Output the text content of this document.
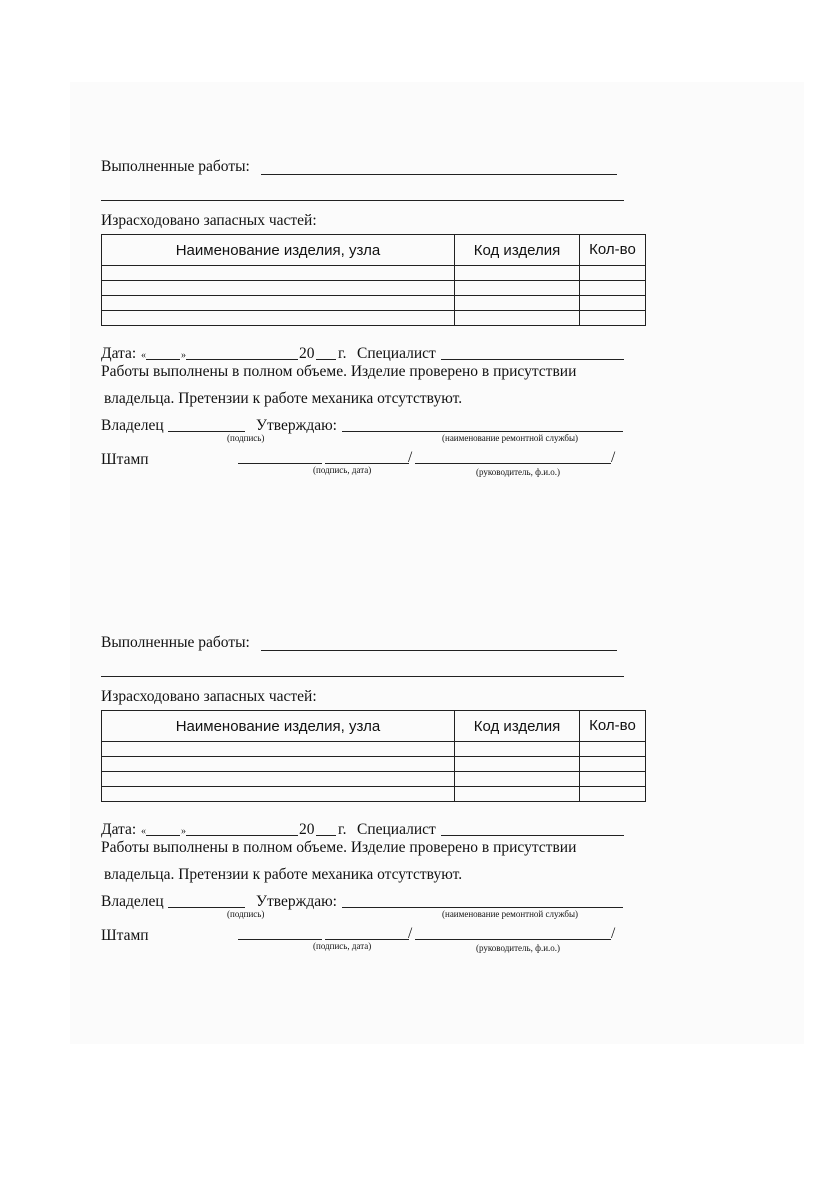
Выполненные работы:
Израсходовано запасных частей:
Наименование изделия, узла	Код изделия	Кол-во

Дата: «	»	20 г. Специалист
Работы выполнены в полном объеме. Изделие проверено в присутствии
владельца. Претензии к работе механика отсутствуют.
Владелец
(подпись)
Утверждаю:
(наименование ремонтной службы)
Штамп	/
(подпись, дата)
/
(руководитель, ф.и.о.)
Выполненные работы:
Израсходовано запасных частей:
Наименование изделия, узла	Код изделия	Кол-во

Дата: «	»	20 г. Специалист
Работы выполнены в полном объеме. Изделие проверено в присутствии
владельца. Претензии к работе механика отсутствуют.
Владелец
(подпись)
Утверждаю:
(наименование ремонтной службы)
Штамп	/
(подпись, дата)
/
(руководитель, ф.и.о.)
